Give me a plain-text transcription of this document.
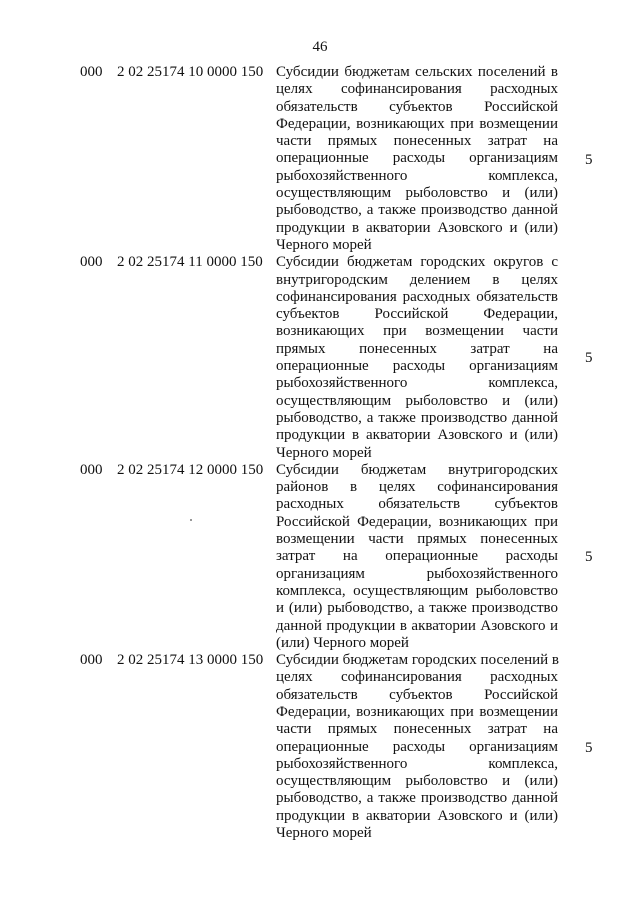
46
000 2 02 25174 10 0000 150 Субсидии бюджетам сельских поселений в
целях софинансирования расходных
обязательств субъектов Российской
Федерации, возникающих при возмещении
части прямых понесенных затрат на
операционные расходы организациям
рыбохозяйственного комплекса,
осуществляющим рыболовство и (или)
рыбоводство, а также производство данной
продукции в акватории Азовского и (или)
Черного морей
5
000 2 02 25174 11 0000 150 Субсидии бюджетам городских округов с
внутригородским делением в целях
софинансирования расходных обязательств
субъектов Российской Федерации,
возникающих при возмещении части
прямых понесенных затрат на
операционные расходы организациям
рыбохозяйственного комплекса,
осуществляющим рыболовство и (или)
рыбоводство, а также производство данной
продукции в акватории Азовского и (или)
Черного морей
5
000 2 02 25174 12 0000 150 Субсидии бюджетам внутригородских
районов в целях софинансирования
расходных обязательств субъектов
Российской Федерации, возникающих при
возмещении части прямых понесенных
затрат на операционные расходы
организациям рыбохозяйственного
комплекса, осуществляющим рыболовство
и (или) рыбоводство, а также производство
данной продукции в акватории Азовского и
(или) Черного морей
5
000 2 02 25174 13 0000 150 Субсидии бюджетам городских поселений в
целях софинансирования расходных
обязательств субъектов Российской
Федерации, возникающих при возмещении
части прямых понесенных затрат на
операционные расходы организациям
рыбохозяйственного комплекса,
осуществляющим рыболовство и (или)
рыбоводство, а также производство данной
продукции в акватории Азовского и (или)
Черного морей
5
